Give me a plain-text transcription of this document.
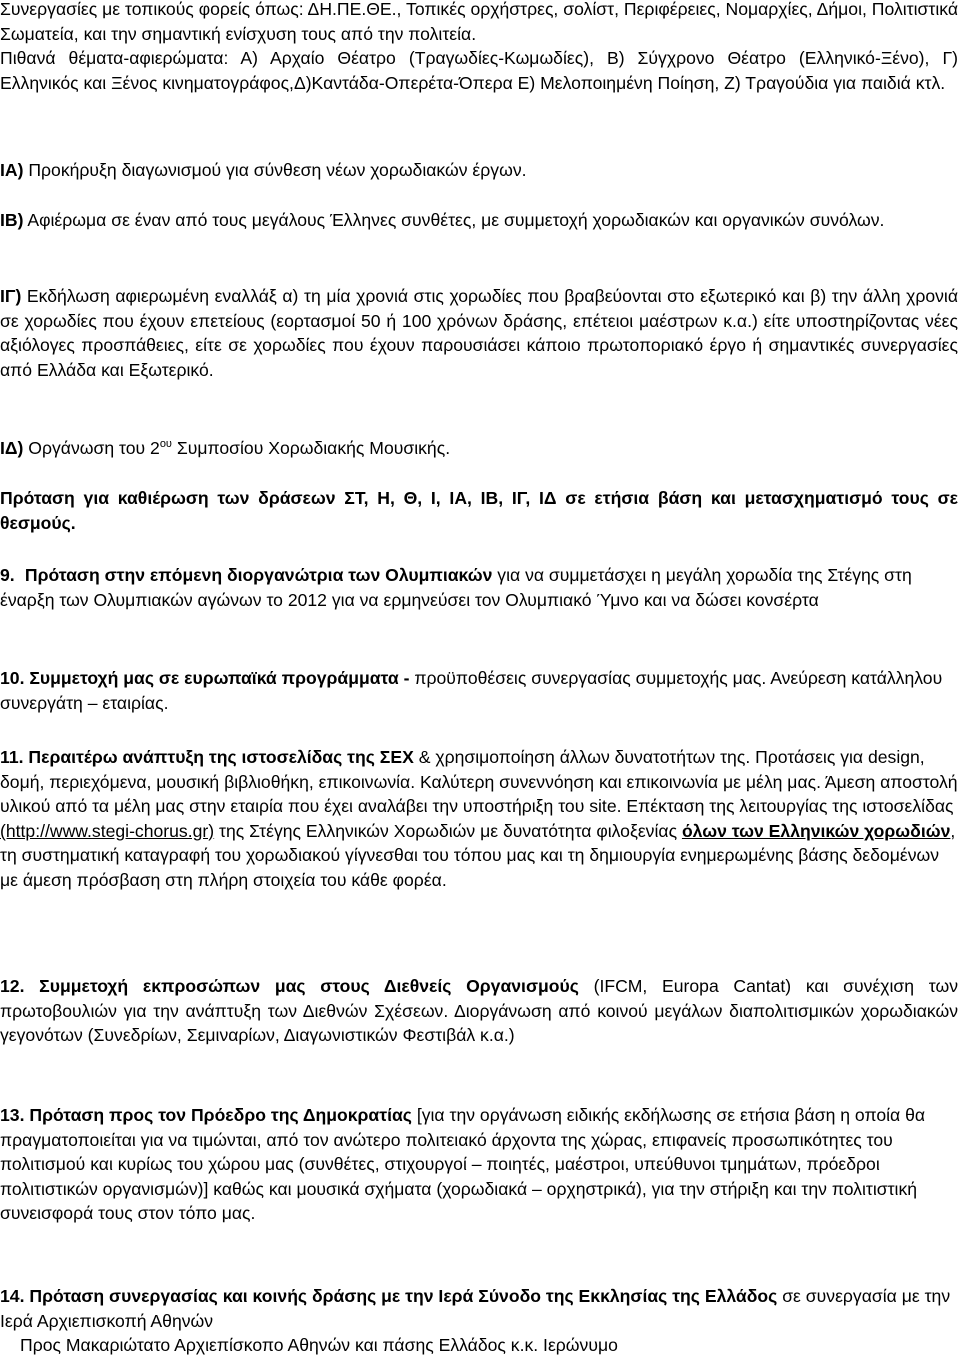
Συνεργασίες με τοπικούς φορείς όπως: ΔΗ.ΠΕ.ΘΕ., Τοπικές ορχήστρες, σολίστ, Περιφέρειες, Νομαρχίες, Δήμοι, Πολιτιστικά Σωματεία, και την σημαντική ενίσχυση τους από την πολιτεία.

Πιθανά θέματα-αφιερώματα: Α) Αρχαίο Θέατρο (Τραγωδίες-Κωμωδίες), Β) Σύγχρονο Θέατρο (Ελληνικό-Ξένο), Γ) Ελληνικός και Ξένος κινηματογράφος,Δ)Καντάδα-Οπερέτα-Όπερα Ε) Μελοποιημένη Ποίηση, Ζ) Τραγούδια για παιδιά κτλ.

ΙΑ) Προκήρυξη διαγωνισμού για σύνθεση νέων χορωδιακών έργων.

ΙΒ) Αφιέρωμα σε έναν από τους μεγάλους Έλληνες συνθέτες, με συμμετοχή χορωδιακών και οργανικών συνόλων.

ΙΓ) Εκδήλωση αφιερωμένη εναλλάξ α) τη μία χρονιά στις χορωδίες που βραβεύονται στο εξωτερικό και β) την άλλη χρονιά σε χορωδίες που έχουν επετείους (εορτασμοί 50 ή 100 χρόνων δράσης, επέτειοι μαέστρων κ.α.) είτε υποστηρίζοντας νέες αξιόλογες προσπάθειες, είτε σε χορωδίες που έχουν παρουσιάσει κάποιο πρωτοποριακό έργο ή σημαντικές συνεργασίες από Ελλάδα και Εξωτερικό.

ΙΔ) Οργάνωση του $2^{o\upsilon}$ Συμποσίου Χορωδιακής Μουσικής.

Πρόταση για καθιέρωση των δράσεων ΣΤ, Η, Θ, Ι, ΙΑ, ΙΒ, ΙΓ, ΙΔ σε ετήσια βάση και μετασχηματισμό τους σε θεσμούς.

9. Πρόταση στην επόμενη διοργανώτρια των Ολυμπιακών για να συμμετάσχει η μεγάλη χορωδία της Στέγης στη έναρξη των Ολυμπιακών αγώνων το 2012 για να ερμηνεύσει τον Ολυμπιακό Ύμνο και να δώσει κονσέρτα

10. Συμμετοχή μας σε ευρωπαϊκά προγράμματα - προϋποθέσεις συνεργασίας συμμετοχής μας. Ανεύρεση κατάλληλου συνεργάτη – εταιρίας.

11. Περαιτέρω ανάπτυξη της ιστοσελίδας της ΣΕΧ & χρησιμοποίηση άλλων δυνατοτήτων της. Προτάσεις για design, δομή, περιεχόμενα, μουσική βιβλιοθήκη, επικοινωνία. Καλύτερη συνεννόηση και επικοινωνία με μέλη μας. Άμεση αποστολή υλικού από τα μέλη μας στην εταιρία που έχει αναλάβει την υποστήριξη του site. Επέκταση της λειτουργίας της ιστοσελίδας (http://www.stegi-chorus.gr) της Στέγης Ελληνικών Χορωδιών με δυνατότητα φιλοξενίας όλων των Ελληνικών χορωδιών, τη συστηματική καταγραφή του χορωδιακού γίγνεσθαι του τόπου μας και τη δημιουργία ενημερωμένης βάσης δεδομένων με άμεση πρόσβαση στη πλήρη στοιχεία του κάθε φορέα.

12. Συμμετοχή εκπροσώπων μας στους Διεθνείς Οργανισμούς (IFCM, Europa Cantat) και συνέχιση των πρωτοβουλιών για την ανάπτυξη των Διεθνών Σχέσεων. Διοργάνωση από κοινού μεγάλων διαπολιτισμικών χορωδιακών γεγονότων (Συνεδρίων, Σεμιναρίων, Διαγωνιστικών Φεστιβάλ κ.α.)

13. Πρόταση προς τον Πρόεδρο της Δημοκρατίας [για την οργάνωση ειδικής εκδήλωσης σε ετήσια βάση η οποία θα πραγματοποιείται για να τιμώνται, από τον ανώτερο πολιτειακό άρχοντα της χώρας, επιφανείς προσωπικότητες του πολιτισμού και κυρίως του χώρου μας (συνθέτες, στιχουργοί – ποιητές, μαέστροι, υπεύθυνοι τμημάτων, πρόεδροι πολιτιστικών οργανισμών)] καθώς και μουσικά σχήματα (χορωδιακά – ορχηστρικά), για την στήριξη και την πολιτιστική συνεισφορά τους στον τόπο μας.

14. Πρόταση συνεργασίας και κοινής δράσης με την Ιερά Σύνοδο της Εκκλησίας της Ελλάδος σε συνεργασία με την Ιερά Αρχιεπισκοπή Αθηνών

Προς Μακαριώτατο Αρχιεπίσκοπο Αθηνών και πάσης Ελλάδος κ.κ. Ιερώνυμο
